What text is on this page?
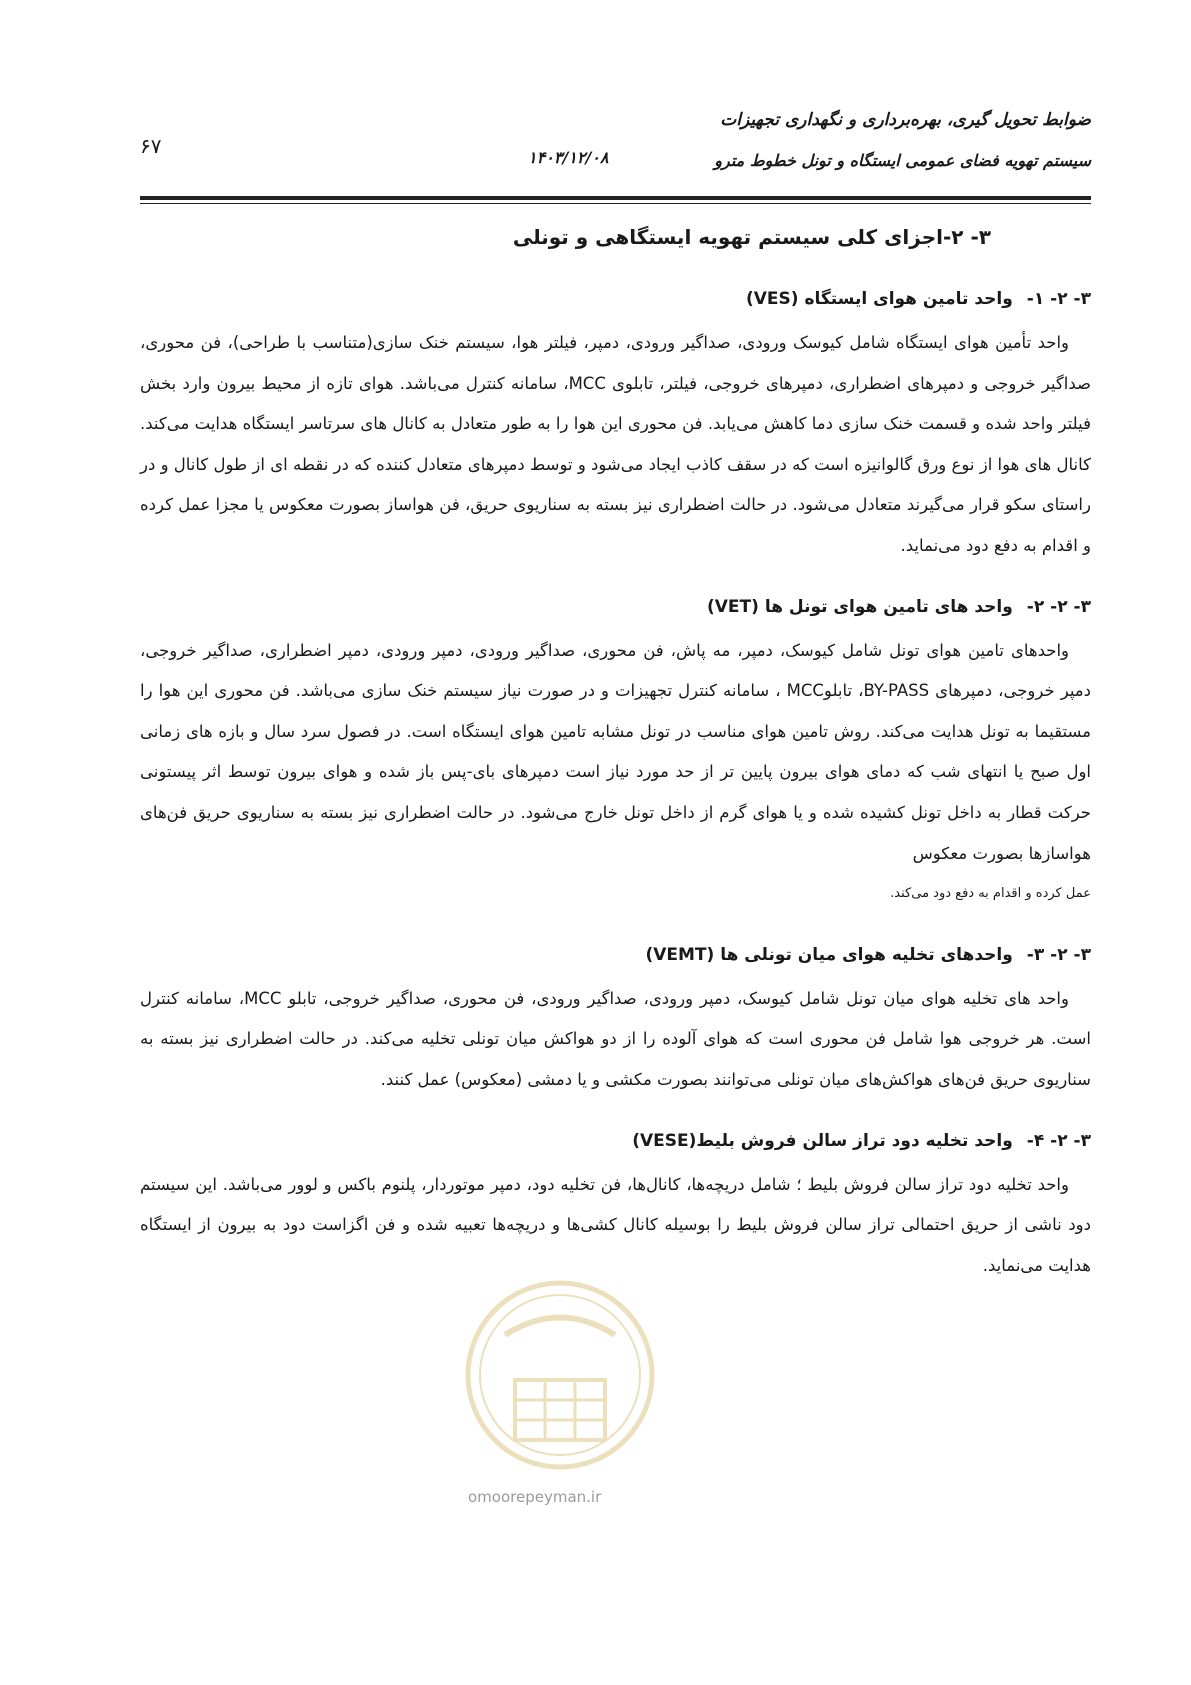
ضوابط تحویل گیری، بهره‌برداری و نگهداری تجهیزات
سیستم تهویه فضای عمومی ایستگاه و تونل خطوط مترو
۱۴۰۳/۱۲/۰۸
۶۷
۳- ۲-اجزای کلی سیستم تهویه ایستگاهی و تونلی
۳- ۲- ۱-واحد تامین هوای ایستگاه (VES)

واحد تأمین هوای ایستگاه شامل کیوسک ورودی، صداگیر ورودی، دمپر، فیلتر هوا، سیستم خنک سازی(متناسب با طراحی)، فن محوری، صداگیر خروجی و دمپرهای اضطراری، دمپرهای خروجی، فیلتر، تابلوی MCC، سامانه کنترل می‌باشد. هوای تازه از محیط بیرون وارد بخش فیلتر واحد شده و قسمت خنک سازی دما کاهش می‌یابد. فن محوری این هوا را به طور متعادل به کانال های سرتاسر ایستگاه هدایت می‌کند. کانال های هوا از نوع ورق گالوانیزه است که در سقف کاذب ایجاد می‌شود و توسط دمپرهای متعادل کننده که در نقطه ای از طول کانال و در راستای سکو قرار می‌گیرند متعادل می‌شود. در حالت اضطراری نیز بسته به سناریوی حریق، فن هواساز بصورت معکوس یا مجزا عمل کرده و اقدام به دفع دود می‌نماید.

۳- ۲- ۲-واحد های تامین هوای تونل ها (VET)

واحدهای تامین هوای تونل شامل کیوسک، دمپر، مه پاش، فن محوری، صداگیر ورودی، دمپر ورودی، دمپر اضطراری، صداگیر خروجی، دمپر خروجی، دمپرهای BY-PASS، تابلوMCC ، سامانه کنترل تجهیزات و در صورت نیاز سیستم خنک سازی می‌باشد. فن محوری این هوا را مستقیما به تونل هدایت می‌کند. روش تامین هوای مناسب در تونل مشابه تامین هوای ایستگاه است. در فصول سرد سال و بازه های زمانی اول صبح یا انتهای شب که دمای هوای بیرون پایین تر از حد مورد نیاز است دمپرهای بای-پس باز شده و هوای بیرون توسط اثر پیستونی حرکت قطار به داخل تونل کشیده شده و یا هوای گرم از داخل تونل خارج می‌شود. در حالت اضطراری نیز بسته به سناریوی حریق فن‌های هواسازها بصورت معکوس

عمل کرده و اقدام به دفع دود می‌کند.

۳- ۲- ۳-واحدهای تخلیه هوای میان تونلی ها (VEMT)

واحد های تخلیه هوای میان تونل شامل کیوسک، دمپر ورودی، صداگیر ورودی، فن محوری، صداگیر خروجی، تابلو MCC، سامانه کنترل است. هر خروجی هوا شامل فن محوری است که هوای آلوده را از دو هواکش میان تونلی تخلیه می‌کند. در حالت اضطراری نیز بسته به سناریوی حریق فن‌های هواکش‌های میان تونلی می‌توانند بصورت مکشی و یا دمشی (معکوس) عمل کنند.

۳- ۲- ۴-واحد تخلیه دود تراز سالن فروش بلیط(VESE)

واحد تخلیه دود تراز سالن فروش بلیط ؛ شامل دریچه‌ها، کانال‌ها، فن تخلیه دود، دمپر موتوردار، پلنوم باکس و لوور می‌باشد. این سیستم دود ناشی از حریق احتمالی تراز سالن فروش بلیط را بوسیله کانال کشی‌ها و دریچه‌ها تعبیه شده و فن اگزاست دود به بیرون از ایستگاه هدایت می‌نماید.

omoorepeyman.ir
